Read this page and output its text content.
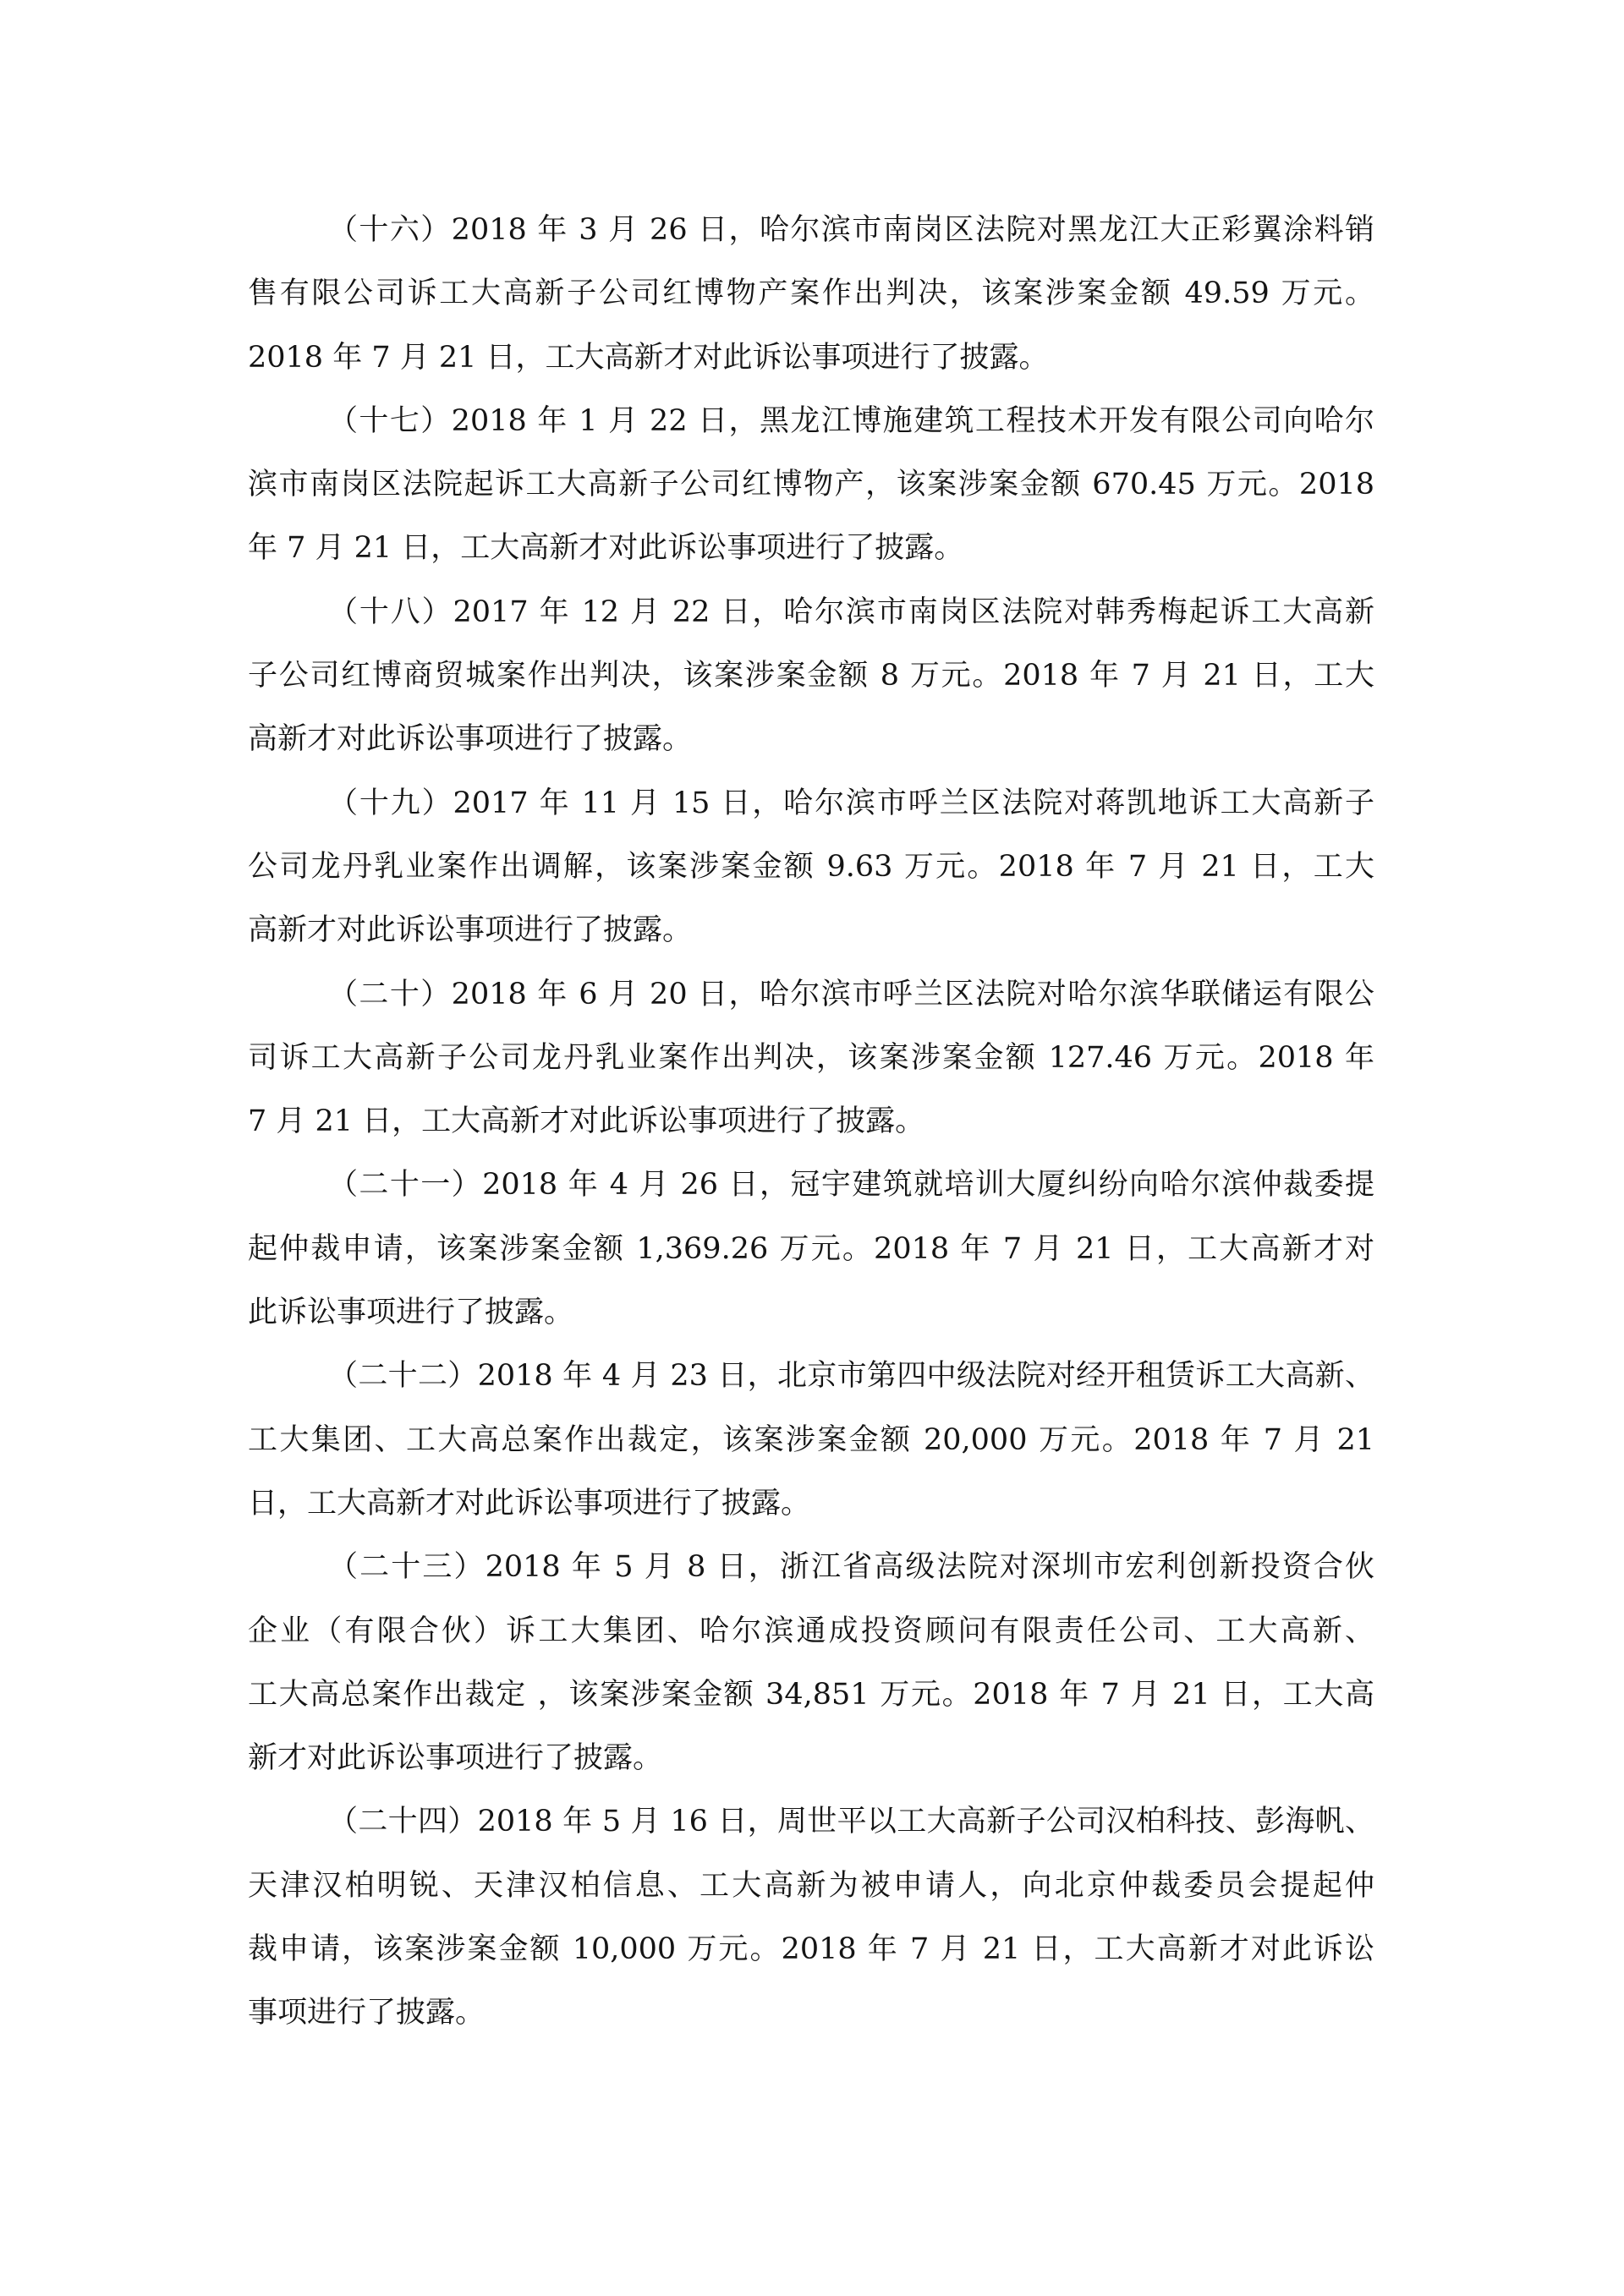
（十六）2018 年 3 月 26 日，哈尔滨市南岗区法院对黑龙江大正彩翼涂料销
售有限公司诉工大高新子公司红博物产案作出判决，该案涉案金额 49.59 万元。
2018 年 7 月 21 日，工大高新才对此诉讼事项进行了披露。
（十七）2018 年 1 月 22 日，黑龙江博施建筑工程技术开发有限公司向哈尔
滨市南岗区法院起诉工大高新子公司红博物产，该案涉案金额 670.45 万元。2018
年 7 月 21 日，工大高新才对此诉讼事项进行了披露。
（十八）2017 年 12 月 22 日，哈尔滨市南岗区法院对韩秀梅起诉工大高新
子公司红博商贸城案作出判决，该案涉案金额 8 万元。2018 年 7 月 21 日，工大
高新才对此诉讼事项进行了披露。
（十九）2017 年 11 月 15 日，哈尔滨市呼兰区法院对蒋凯地诉工大高新子
公司龙丹乳业案作出调解，该案涉案金额 9.63 万元。2018 年 7 月 21 日，工大
高新才对此诉讼事项进行了披露。
（二十）2018 年 6 月 20 日，哈尔滨市呼兰区法院对哈尔滨华联储运有限公
司诉工大高新子公司龙丹乳业案作出判决，该案涉案金额 127.46 万元。2018 年
7 月 21 日，工大高新才对此诉讼事项进行了披露。
（二十一）2018 年 4 月 26 日，冠宇建筑就培训大厦纠纷向哈尔滨仲裁委提
起仲裁申请，该案涉案金额 1,369.26 万元。2018 年 7 月 21 日，工大高新才对
此诉讼事项进行了披露。
（二十二）2018 年 4 月 23 日，北京市第四中级法院对经开租赁诉工大高新、
工大集团、工大高总案作出裁定，该案涉案金额 20,000 万元。2018 年 7 月 21
日，工大高新才对此诉讼事项进行了披露。
（二十三）2018 年 5 月 8 日，浙江省高级法院对深圳市宏利创新投资合伙
企业（有限合伙）诉工大集团、哈尔滨通成投资顾问有限责任公司、工大高新、
工大高总案作出裁定 ，该案涉案金额 34,851 万元。2018 年 7 月 21 日，工大高
新才对此诉讼事项进行了披露。
（二十四）2018 年 5 月 16 日，周世平以工大高新子公司汉柏科技、彭海帆、
天津汉柏明锐、天津汉柏信息、工大高新为被申请人，向北京仲裁委员会提起仲
裁申请，该案涉案金额 10,000 万元。2018 年 7 月 21 日，工大高新才对此诉讼
事项进行了披露。
